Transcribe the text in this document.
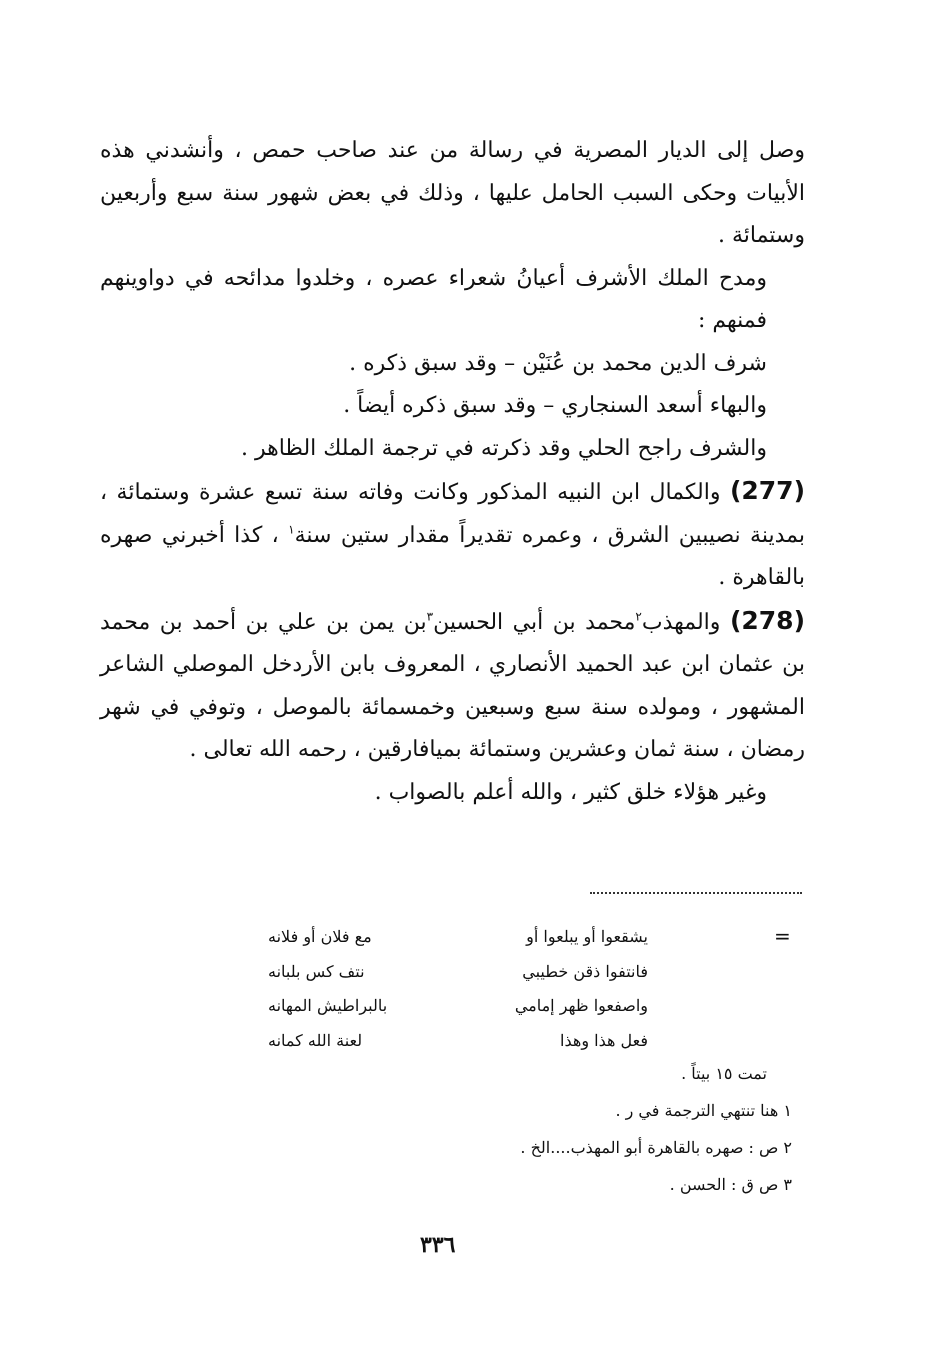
وصل إلى الديار المصرية في رسالة من عند صاحب حمص ، وأنشدني هذه الأبيات وحكى السبب الحامل عليها ، وذلك في بعض شهور سنة سبع وأربعين وستمائة .

ومدح الملك الأشرف أعيانُ شعراء عصره ، وخلدوا مدائحه في دواوينهم فمنهم :

شرف الدين محمد بن عُنَيْن – وقد سبق ذكره .

والبهاء أسعد السنجاري – وقد سبق ذكره أيضاً .

والشرف راجح الحلي وقد ذكرته في ترجمة الملك الظاهر .

(277) والكمال ابن النبيه المذكور وكانت وفاته سنة تسع عشرة وستمائة ، بمدينة نصيبين الشرق ، وعمره تقديراً مقدار ستين سنة$^١$ ، كذا أخبرني صهره بالقاهرة .

(278) والمهذب$^٢$محمد بن أبي الحسين$^٣$بن يمن بن علي بن أحمد بن محمد بن عثمان ابن عبد الحميد الأنصاري ، المعروف بابن الأردخل الموصلي الشاعر المشهور ، ومولده سنة سبع وسبعين وخمسمائة بالموصل ، وتوفي في شهر رمضان ، سنة ثمان وعشرين وستمائة بميافارقين ، رحمه الله تعالى .

وغير هؤلاء خلق كثير ، والله أعلم بالصواب .

=
يشقعوا أو يبلعوا أو
مع فلان أو فلانه
فانتفوا ذقن خطيبي
نتف كس بلبانه
واصفعوا ظهر إمامي
بالبراطيش المهانه
فعل هذا وهذا
لعنة الله كمانه
تمت ١٥ بيتاً .
١ هنا تنتهي الترجمة في ر .
٢ ص : صهره بالقاهرة أبو المهذب....الخ .
٣ ص ق : الحسن .
٣٣٦
